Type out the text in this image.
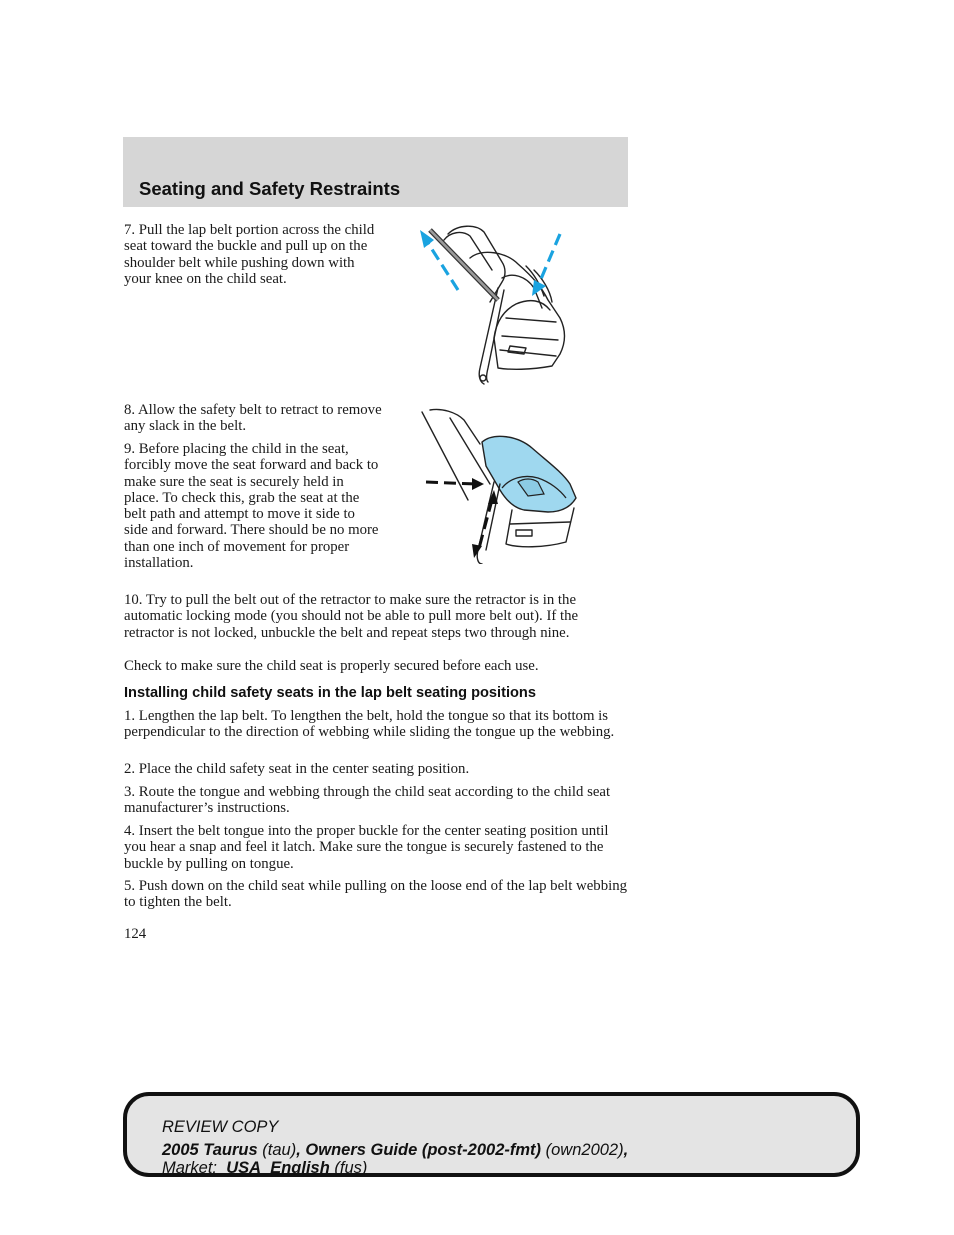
Seating and Safety Restraints

7. Pull the lap belt portion across the child seat toward the buckle and pull up on the shoulder belt while pushing down with your knee on the child seat.

8. Allow the safety belt to retract to remove any slack in the belt.

9. Before placing the child in the seat, forcibly move the seat forward and back to make sure the seat is securely held in place. To check this, grab the seat at the belt path and attempt to move it side to side and forward. There should be no more than one inch of movement for proper installation.

10. Try to pull the belt out of the retractor to make sure the retractor is in the automatic locking mode (you should not be able to pull more belt out). If the retractor is not locked, unbuckle the belt and repeat steps two through nine.

Check to make sure the child seat is properly secured before each use.

Installing child safety seats in the lap belt seating positions

1. Lengthen the lap belt. To lengthen the belt, hold the tongue so that its bottom is perpendicular to the direction of webbing while sliding the tongue up the webbing.

2. Place the child safety seat in the center seating position.

3. Route the tongue and webbing through the child seat according to the child seat manufacturer’s instructions.

4. Insert the belt tongue into the proper buckle for the center seating position until you hear a snap and feel it latch. Make sure the tongue is securely fastened to the buckle by pulling on tongue.

5. Push down on the child seat while pulling on the loose end of the lap belt webbing to tighten the belt.

124
REVIEW COPY
2005 Taurus (tau), Owners Guide (post-2002-fmt) (own2002),
Market: USA_English (fus)
